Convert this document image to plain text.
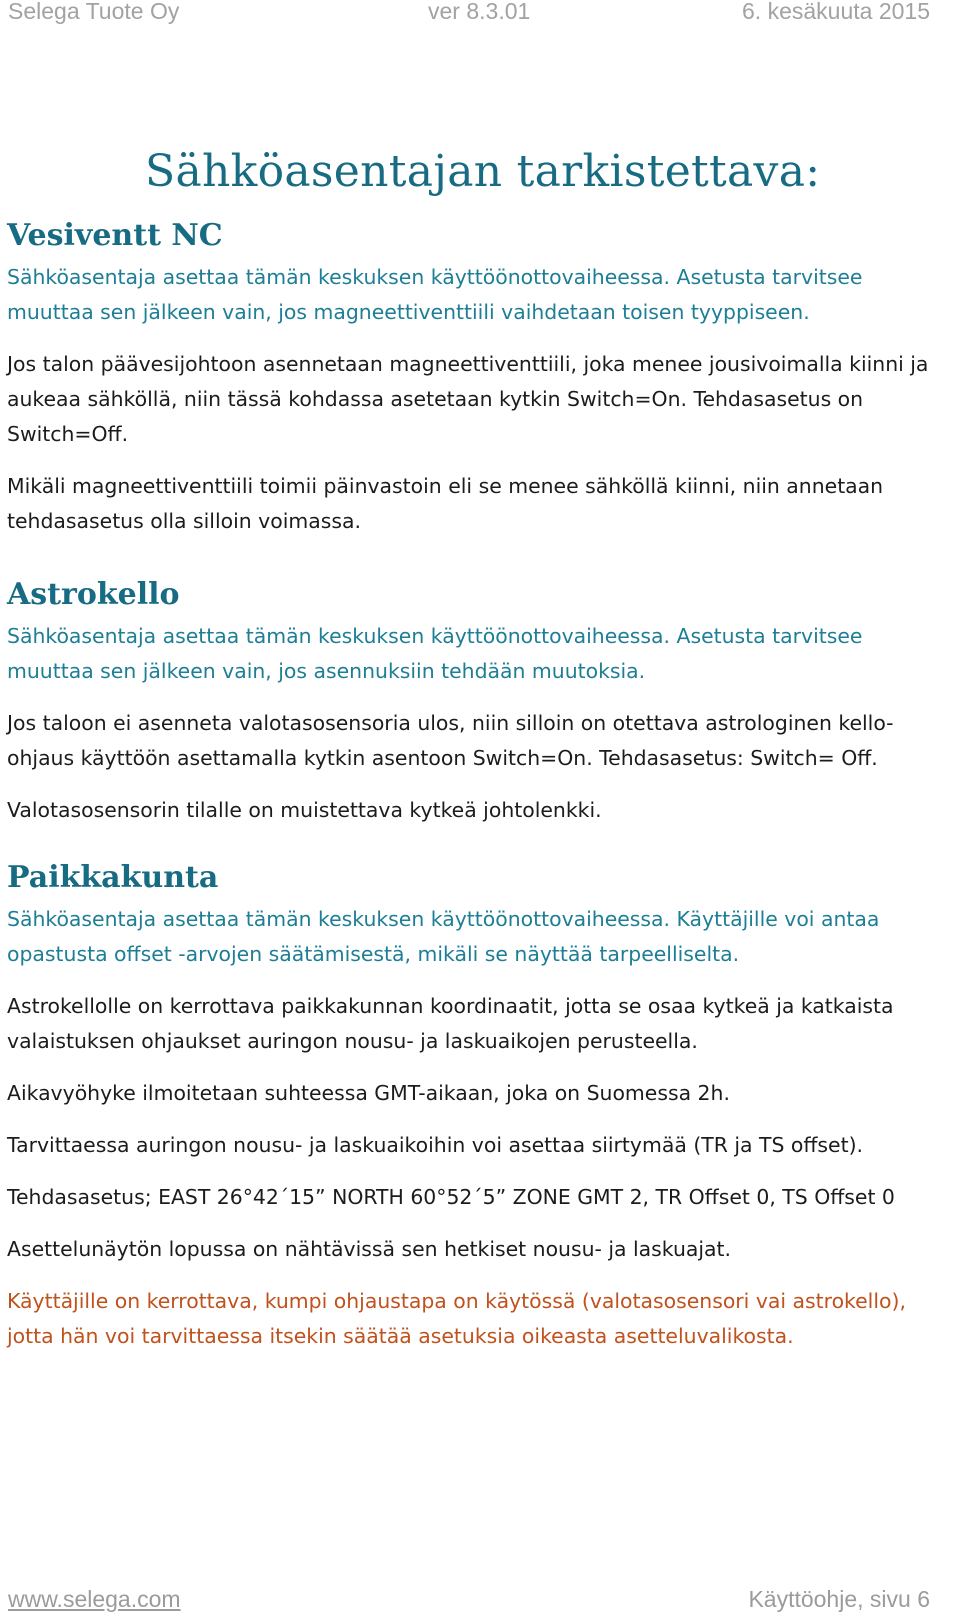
Selega Tuote Oy	ver 8.3.01	6. kesäkuuta 2015
Sähköasentajan tarkistettava:
Vesiventt NC

Sähköasentaja asettaa tämän keskuksen käyttöönottovaiheessa. Asetusta tarvitsee muuttaa sen jälkeen vain, jos magneettiventtiili vaihdetaan toisen tyyppiseen.

Jos talon päävesijohtoon asennetaan magneettiventtiili, joka menee jousivoimalla kiinni ja aukeaa sähköllä, niin tässä kohdassa asetetaan kytkin Switch=On. Tehdasasetus on Switch=Off.

Mikäli magneettiventtiili toimii päinvastoin eli se menee sähköllä kiinni, niin annetaan tehdasasetus olla silloin voimassa.

Astrokello

Sähköasentaja asettaa tämän keskuksen käyttöönottovaiheessa. Asetusta tarvitsee muuttaa sen jälkeen vain, jos asennuksiin tehdään muutoksia.

Jos taloon ei asenneta valotasosensoria ulos, niin silloin on otettava astrologinen kello-ohjaus käyttöön asettamalla kytkin asentoon Switch=On. Tehdasasetus: Switch= Off.

Valotasosensorin tilalle on muistettava kytkeä johtolenkki.

Paikkakunta

Sähköasentaja asettaa tämän keskuksen käyttöönottovaiheessa. Käyttäjille voi antaa opastusta offset -arvojen säätämisestä, mikäli se näyttää tarpeelliselta.

Astrokellolle on kerrottava paikkakunnan koordinaatit, jotta se osaa kytkeä ja katkaista valaistuksen ohjaukset auringon nousu- ja laskuaikojen perusteella.

Aikavyöhyke ilmoitetaan suhteessa GMT-aikaan, joka on Suomessa 2h.

Tarvittaessa auringon nousu- ja laskuaikoihin voi asettaa siirtymää (TR ja TS offset).

Tehdasasetus; EAST 26°42´15” NORTH 60°52´5” ZONE GMT 2, TR Offset 0, TS Offset 0

Asettelunäytön lopussa on nähtävissä sen hetkiset nousu- ja laskuajat.

Käyttäjille on kerrottava, kumpi ohjaustapa on käytössä (valotasosensori vai astrokello), jotta hän voi tarvittaessa itsekin säätää asetuksia oikeasta asetteluvalikosta.

www.selega.com	Käyttöohje, sivu 6
